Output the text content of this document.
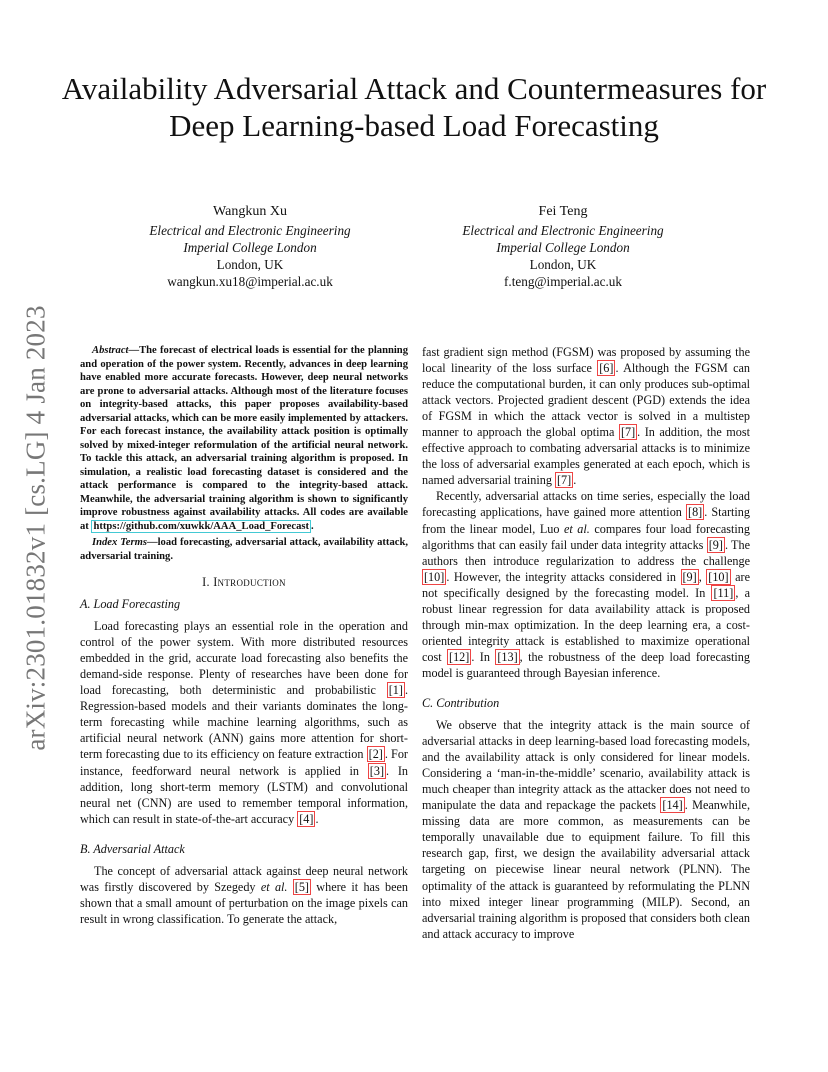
arXiv:2301.01832v1 [cs.LG] 4 Jan 2023
Availability Adversarial Attack and Countermeasures for Deep Learning-based Load Forecasting
Wangkun Xu
Electrical and Electronic Engineering
Imperial College London
London, UK
wangkun.xu18@imperial.ac.uk
Fei Teng
Electrical and Electronic Engineering
Imperial College London
London, UK
f.teng@imperial.ac.uk

Abstract—The forecast of electrical loads is essential for the planning and operation of the power system. Recently, advances in deep learning have enabled more accurate forecasts. However, deep neural networks are prone to adversarial attacks. Although most of the literature focuses on integrity-based attacks, this paper proposes availability-based adversarial attacks, which can be more easily implemented by attackers. For each forecast instance, the availability attack position is optimally solved by mixed-integer reformulation of the artificial neural network. To tackle this attack, an adversarial training algorithm is proposed. In simulation, a realistic load forecasting dataset is considered and the attack performance is compared to the integrity-based attack. Meanwhile, the adversarial training algorithm is shown to significantly improve robustness against availability attacks. All codes are available at https://github.com/xuwkk/AAA_Load_Forecast .

Index Terms—load forecasting, adversarial attack, availability attack, adversarial training.

I. Introduction
A. Load Forecasting

Load forecasting plays an essential role in the operation and control of the power system. With more distributed resources embedded in the grid, accurate load forecasting also benefits the demand-side response. Plenty of researches have been done for load forecasting, both deterministic and probabilistic [1] . Regression-based models and their variants dominates the long-term forecasting while machine learning algorithms, such as artificial neural network (ANN) gains more attention for short-term forecasting due to its efficiency on feature extraction [2] . For instance, feedforward neural network is applied in [3] . In addition, long short-term memory (LSTM) and convolutional neural net (CNN) are used to remember temporal information, which can result in state-of-the-art accuracy [4] .

B. Adversarial Attack

The concept of adversarial attack against deep neural network was firstly discovered by Szegedy et al. [5] where it has been shown that a small amount of perturbation on the image pixels can result in wrong classification. To generate the attack,

fast gradient sign method (FGSM) was proposed by assuming the local linearity of the loss surface [6] . Although the FGSM can reduce the computational burden, it can only produces sub-optimal attack vectors. Projected gradient descent (PGD) extends the idea of FGSM in which the attack vector is solved in a multistep manner to approach the global optima [7] . In addition, the most effective approach to combating adversarial attacks is to minimize the loss of adversarial examples generated at each epoch, which is named adversarial training [7] .

Recently, adversarial attacks on time series, especially the load forecasting applications, have gained more attention [8] . Starting from the linear model, Luo et al. compares four load forecasting algorithms that can easily fail under data integrity attacks [9] . The authors then introduce regularization to address the challenge [10] . However, the integrity attacks considered in [9] , [10] are not specifically designed by the forecasting model. In [11] , a robust linear regression for data availability attack is proposed through min-max optimization. In the deep learning era, a cost-oriented integrity attack is established to maximize operational cost [12] . In [13] , the robustness of the deep load forecasting model is guaranteed through Bayesian inference.

C. Contribution

We observe that the integrity attack is the main source of adversarial attacks in deep learning-based load forecasting models, and the availability attack is only considered for linear models. Considering a ‘man-in-the-middle’ scenario, availability attack is much cheaper than integrity attack as the attacker does not need to manipulate the data and repackage the packets [14] . Meanwhile, missing data are more common, as measurements can be temporally unavailable due to equipment failure. To fill this research gap, first, we design the availability adversarial attack targeting on piecewise linear neural network (PLNN). The optimality of the attack is guaranteed by reformulating the PLNN into mixed integer linear programming (MILP). Second, an adversarial training algorithm is proposed that considers both clean and attack accuracy to improve
